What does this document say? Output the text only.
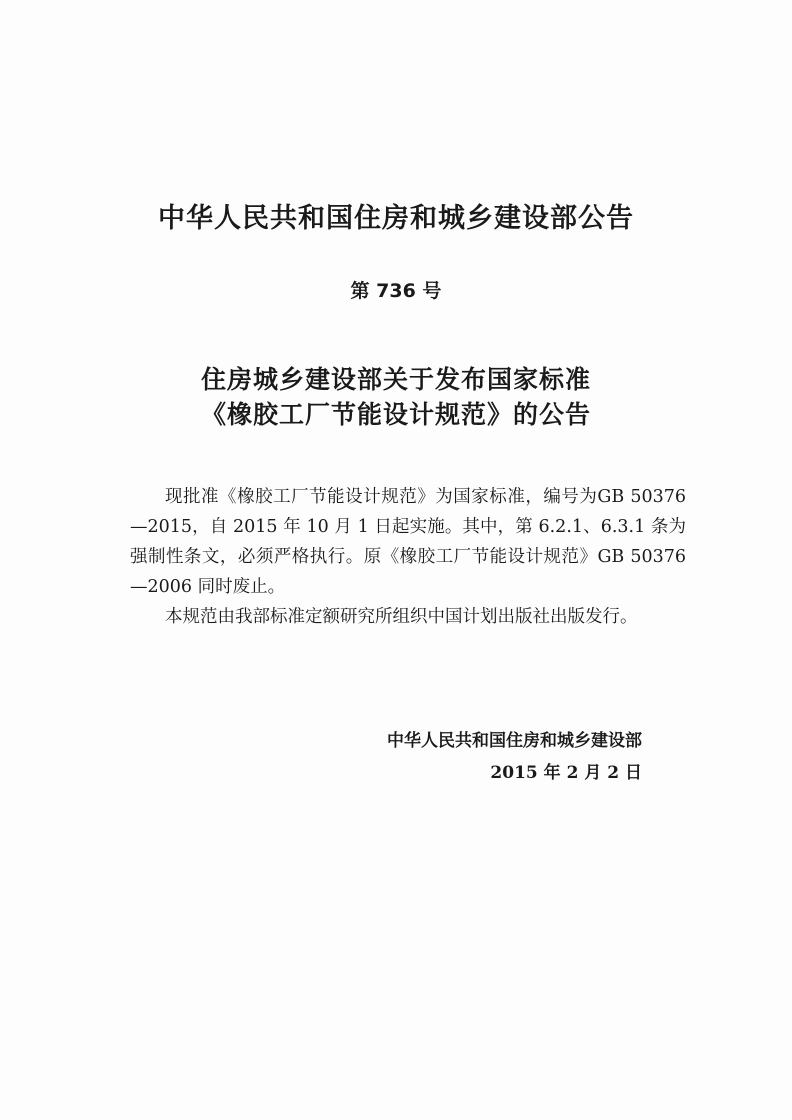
中华人民共和国住房和城乡建设部公告
第 736 号
住房城乡建设部关于发布国家标准
《橡胶工厂节能设计规范》的公告

现批准《橡胶工厂节能设计规范》为国家标准，编号为GB 50376—2015，自 2015 年 10 月 1 日起实施。其中，第 6.2.1、6.3.1 条为强制性条文，必须严格执行。原《橡胶工厂节能设计规范》GB 50376—2006 同时废止。

本规范由我部标准定额研究所组织中国计划出版社出版发行。

中华人民共和国住房和城乡建设部
2015 年 2 月 2 日
